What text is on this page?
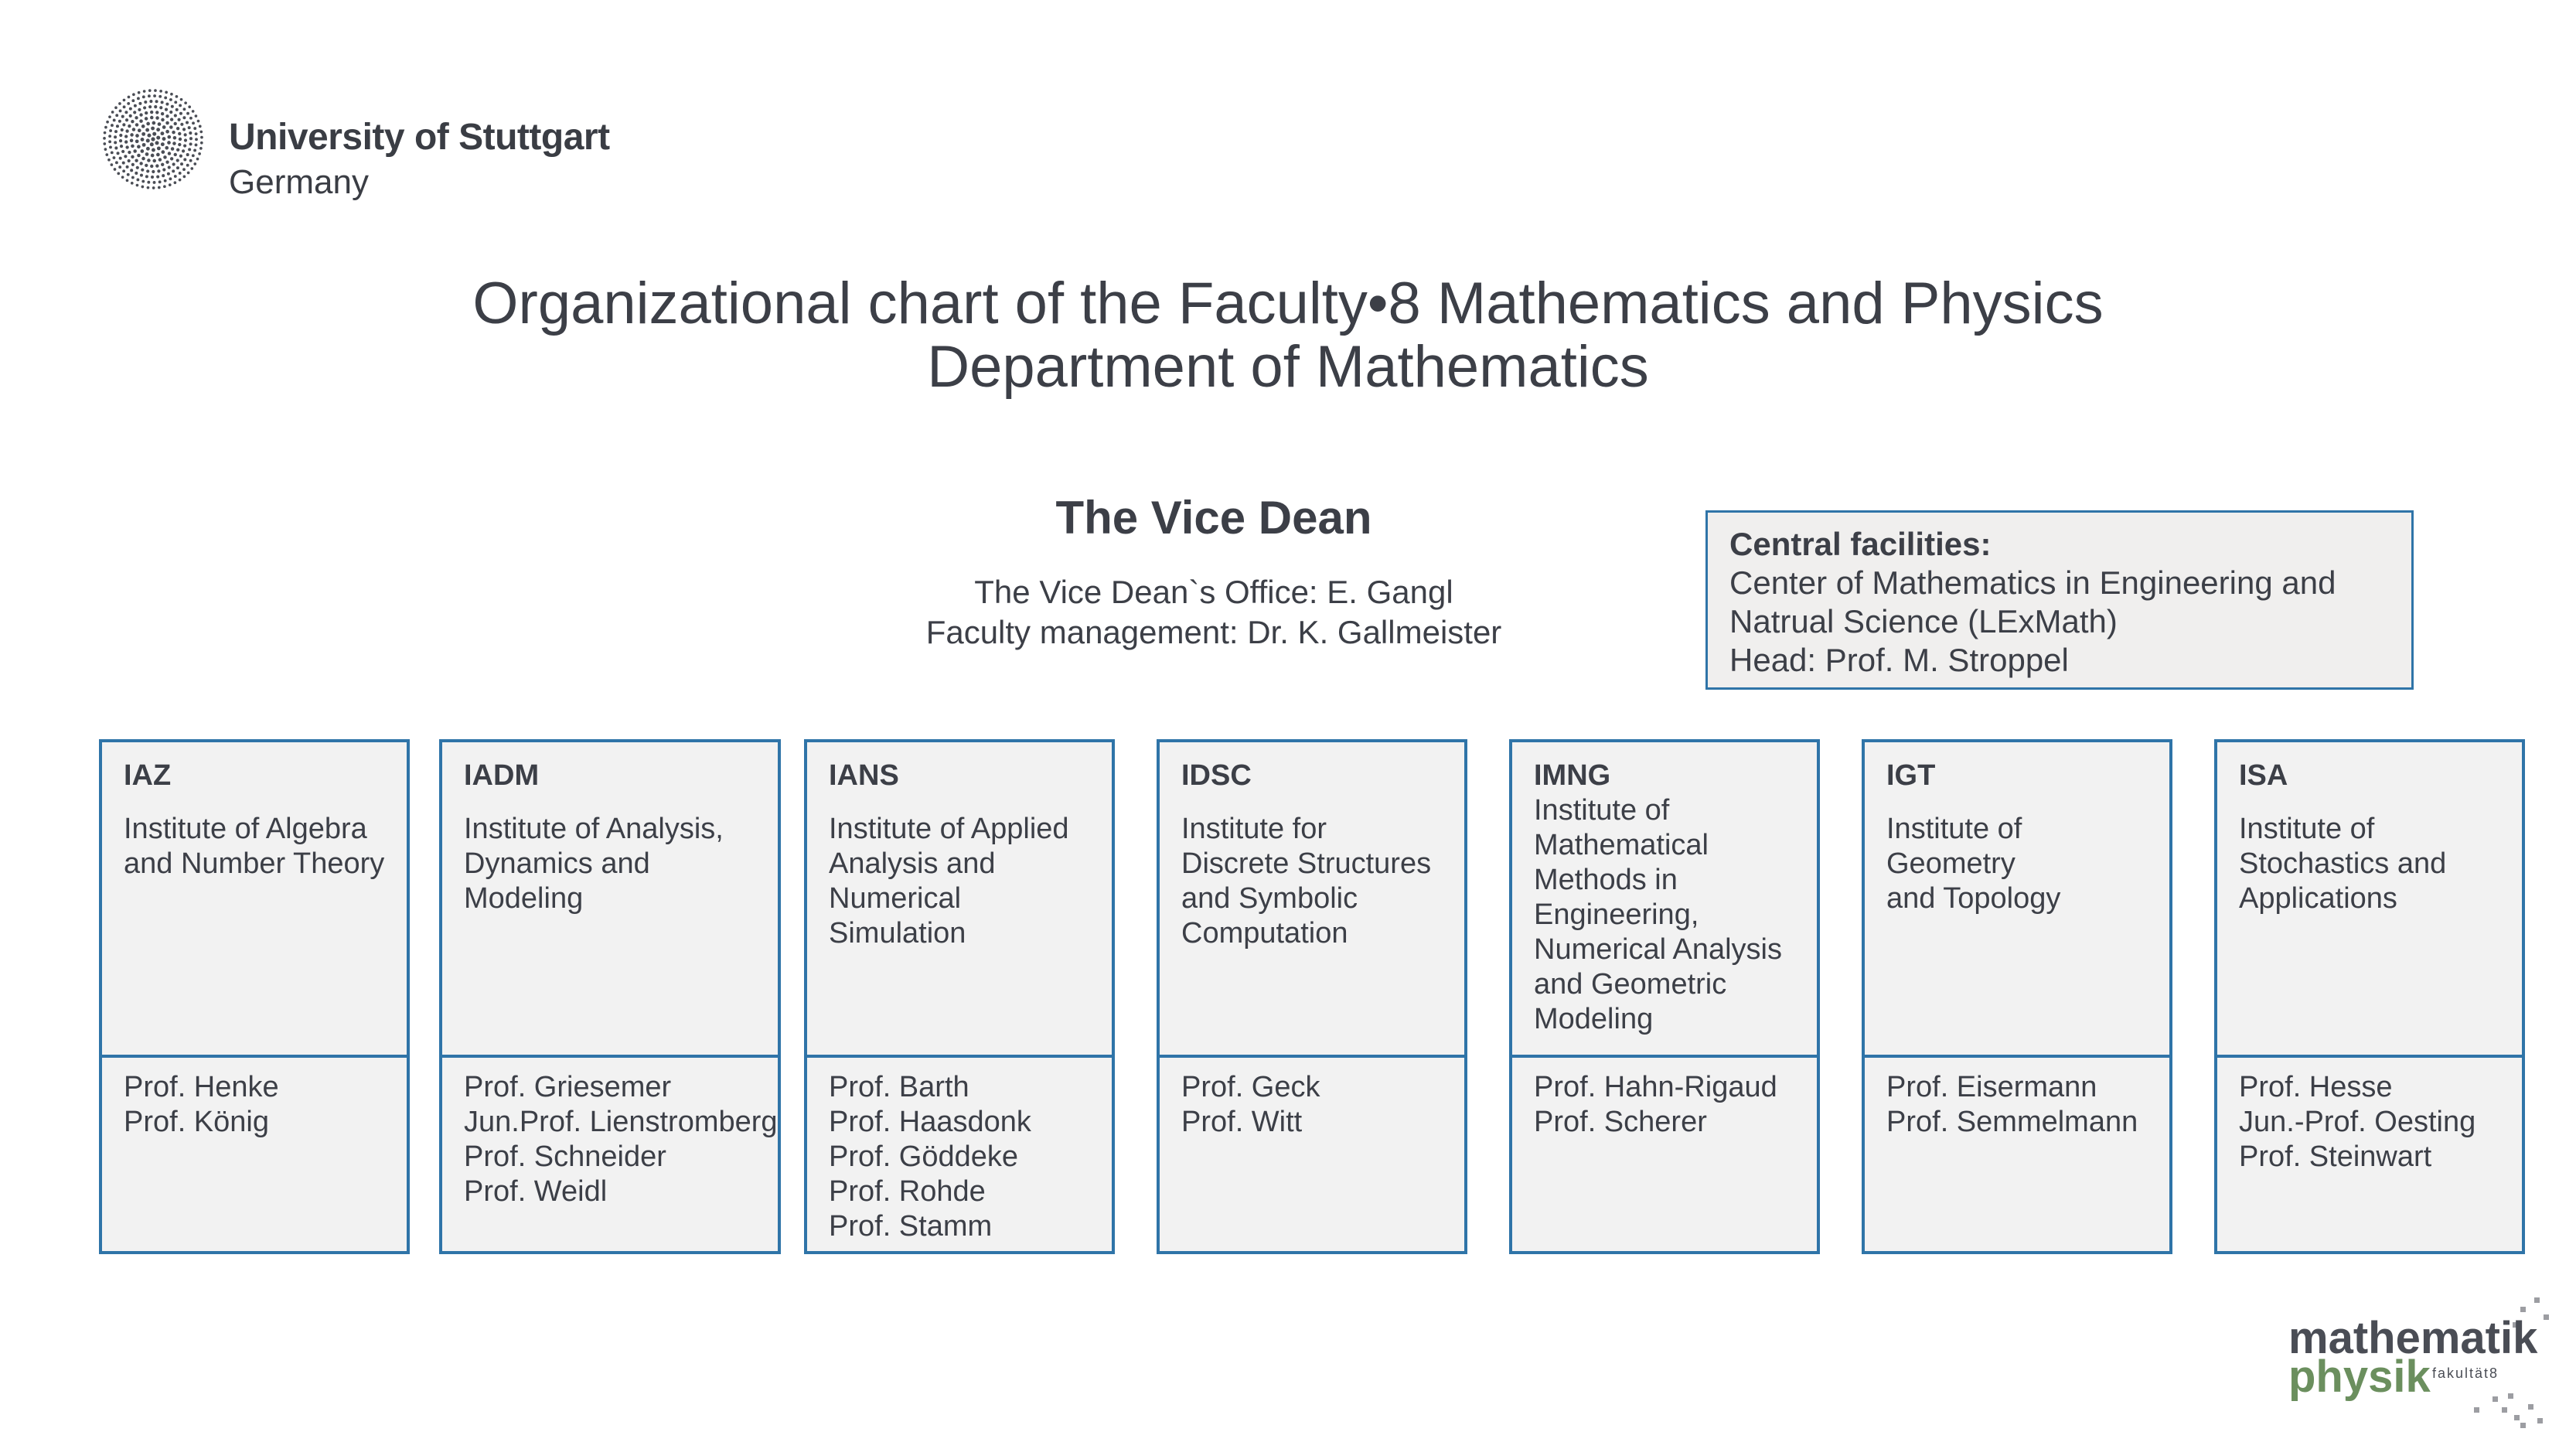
University of Stuttgart
Germany
Organizational chart of the Faculty•8 Mathematics and Physics
Department of Mathematics
The Vice Dean
The Vice Dean`s Office: E. Gangl
Faculty management: Dr. K. Gallmeister
Central facilities:
Center of Mathematics in Engineering and
Natrual Science (LExMath)
Head: Prof. M. Stroppel
IAZ
Institute of Algebra
and Number Theory
Prof. Henke
Prof. König
IADM
Institute of Analysis,
Dynamics and
Modeling
Prof. Griesemer
Jun.Prof. Lienstromberg
Prof. Schneider
Prof. Weidl
IANS
Institute of Applied
Analysis and
Numerical Simulation
Prof. Barth
Prof. Haasdonk
Prof. Göddeke
Prof. Rohde
Prof. Stamm
IDSC
Institute for
Discrete Structures
and Symbolic
Computation
Prof. Geck
Prof. Witt
IMNG
Institute of
Mathematical
Methods in
Engineering,
Numerical Analysis
and Geometric
Modeling
Prof. Hahn-Rigaud
Prof. Scherer
IGT
Institute of Geometry
and Topology
Prof. Eisermann
Prof. Semmelmann
ISA
Institute of
Stochastics and
Applications
Prof. Hesse
Jun.-Prof. Oesting
Prof. Steinwart
mathematik
physik fakultät8
